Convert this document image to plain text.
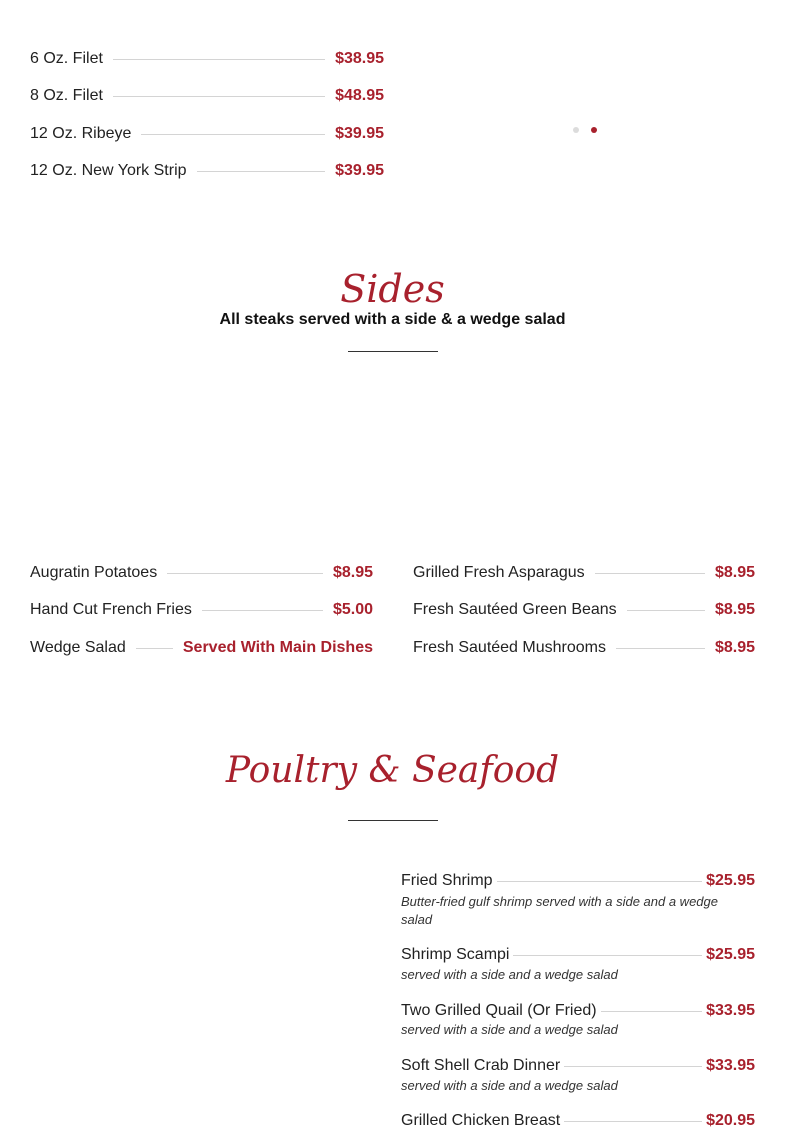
6 Oz. Filet	$38.95
8 Oz. Filet	$48.95
12 Oz. Ribeye	$39.95
12 Oz. New York Strip	$39.95
Sides
All steaks served with a side & a wedge salad
Augratin Potatoes	$8.95
Hand Cut French Fries	$5.00
Wedge Salad	Served With Main Dishes
Grilled Fresh Asparagus	$8.95
Fresh Sautéed Green Beans	$8.95
Fresh Sautéed Mushrooms	$8.95
Poultry & Seafood
Fried Shrimp	$25.95
Butter-fried gulf shrimp served with a side and a wedge salad
Shrimp Scampi	$25.95
served with a side and a wedge salad
Two Grilled Quail (Or Fried)	$33.95
served with a side and a wedge salad
Soft Shell Crab Dinner	$33.95
served with a side and a wedge salad
Grilled Chicken Breast	$20.95
